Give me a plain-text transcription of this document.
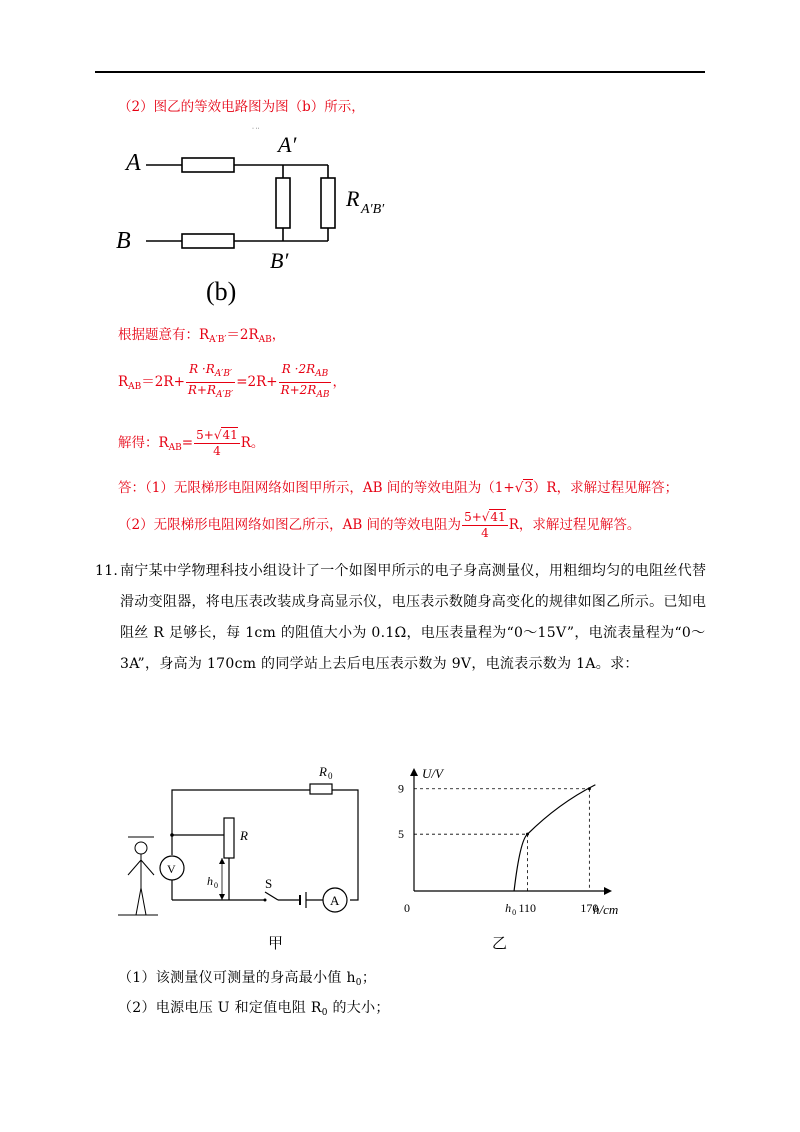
（2）图乙的等效电路图为图（b）所示，
· ··
A
B
A′
B′
R A′B′
(b)
根据题意有：$R_{A'B'}=2R_{AB}$，
$R_{AB}=2R+ \frac{R \cdot R_{A'B'}}{R+R_{A'B'}} =2R+ \frac{R \cdot 2R_{AB}}{R+2R_{AB}}$ ，
解得：$R_{AB}= \frac{5+√41}{4}$ R。
答：（1）无限梯形电阻网络如图甲所示，AB 间的等效电阻为（1+√3）R，求解过程见解答；
（2）无限梯形电阻网络如图乙所示，AB 间的等效电阻为 $\frac{5+√41}{4}$ R，求解过程见解答。
11. 南宁某中学物理科技小组设计了一个如图甲所示的电子身高测量仪，用粗细均匀的电阻丝代替
滑动变阻器，将电压表改装成身高显示仪，电压表示数随身高变化的规律如图乙所示。已知电
阻丝 R 足够长，每 1cm 的阻值大小为 0.1Ω，电压表量程为“0～15V”，电流表量程为“0～
3A”，身高为 170cm 的同学站上去后电压表示数为 9V，电流表示数为 1A。求：
A
S
V
R
h 0
R 0
甲
U/V
h/cm
0
9
5
110	170
h 0
乙
（1）该测量仪可测量的身高最小值 $h_0$；
（2）电源电压 U 和定值电阻 $R_0$ 的大小；
